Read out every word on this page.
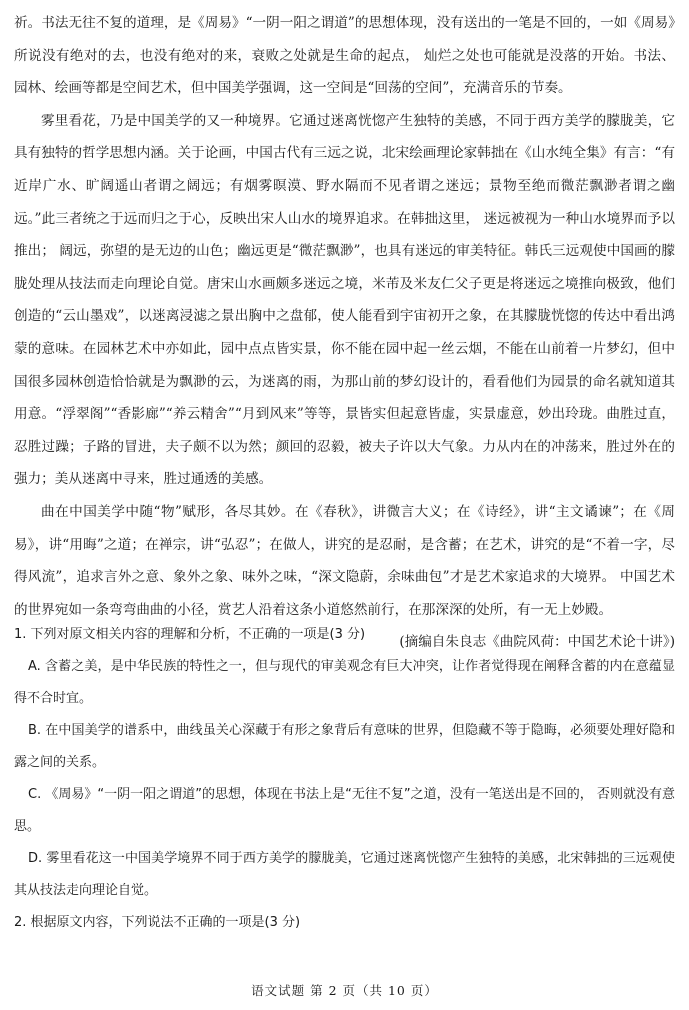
祈。书法无往不复的道理，是《周易》“一阴一阳之谓道”的思想体现，没有送出的一笔是不回的，一如《周易》所说没有绝对的去，也没有绝对的来，衰败之处就是生命的起点， 灿烂之处也可能就是没落的开始。书法、 园林、绘画等都是空间艺术，但中国美学强调，这一空间是“回荡的空间”，充满音乐的节奏。

雾里看花，乃是中国美学的又一种境界。它通过迷离恍惚产生独特的美感，不同于西方美学的朦胧美，它具有独特的哲学思想内涵。关于论画，中国古代有三远之说，北宋绘画理论家韩拙在《山水纯全集》有言：“有近岸广水、旷阔遥山者谓之阔远；有烟雾暝漠、野水隔而不见者谓之迷远；景物至绝而微茫飘渺者谓之幽远。”此三者统之于远而归之于心，反映出宋人山水的境界追求。在韩拙这里， 迷远被视为一种山水境界而予以推出； 阔远，弥望的是无边的山色；幽远更是“微茫飘渺”，也具有迷远的审美特征。韩氏三远观使中国画的朦胧处理从技法而走向理论自觉。唐宋山水画颇多迷远之境，米芾及米友仁父子更是将迷远之境推向极致，他们创造的“云山墨戏”，以迷离浸滤之景出胸中之盘郁，使人能看到宇宙初开之象，在其朦胧恍惚的传达中看出鸿蒙的意味。在园林艺术中亦如此，园中点点皆实景，你不能在园中起一丝云烟，不能在山前着一片梦幻，但中国很多园林创造恰恰就是为飘渺的云，为迷离的雨，为那山前的梦幻设计的，看看他们为园景的命名就知道其用意。“浮翠阁”“香影廊”“养云精舍”“月到风来”等等，景皆实但起意皆虚，实景虚意，妙出玲珑。曲胜过直，忍胜过躁；子路的冒进，夫子颇不以为然；颜回的忍毅，被夫子许以大气象。力从内在的冲荡来，胜过外在的强力；美从迷离中寻来，胜过通透的美感。

曲在中国美学中随“物”赋形，各尽其妙。在《春秋》，讲微言大义；在《诗经》，讲“主文谲谏”；在《周易》，讲“用晦”之道；在禅宗，讲“弘忍”；在做人，讲究的是忍耐，是含蓄；在艺术，讲究的是“不着一字，尽得风流”，追求言外之意、象外之象、味外之味，“深文隐蔚，余味曲包”才是艺术家追求的大境界。 中国艺术的世界宛如一条弯弯曲曲的小径，赏艺人沿着这条小道悠然前行，在那深深的处所，有一无上妙殿。

(摘编自朱良志《曲院风荷：中国艺术论十讲》)

1. 下列对原文相关内容的理解和分析，不正确的一项是(3 分)

A. 含蓄之美，是中华民族的特性之一，但与现代的审美观念有巨大冲突，让作者觉得现在阐释含蓄的内在意蕴显得不合时宜。

B. 在中国美学的谱系中，曲线虽关心深藏于有形之象背后有意味的世界，但隐藏不等于隐晦，必须要处理好隐和露之间的关系。

C. 《周易》“一阴一阳之谓道”的思想，体现在书法上是“无往不复”之道，没有一笔送出是不回的， 否则就没有意思。

D. 雾里看花这一中国美学境界不同于西方美学的朦胧美，它通过迷离恍惚产生独特的美感，北宋韩拙的三远观使其从技法走向理论自觉。

2. 根据原文内容，下列说法不正确的一项是(3 分)

语文试题 第 2 页（共 10 页）
